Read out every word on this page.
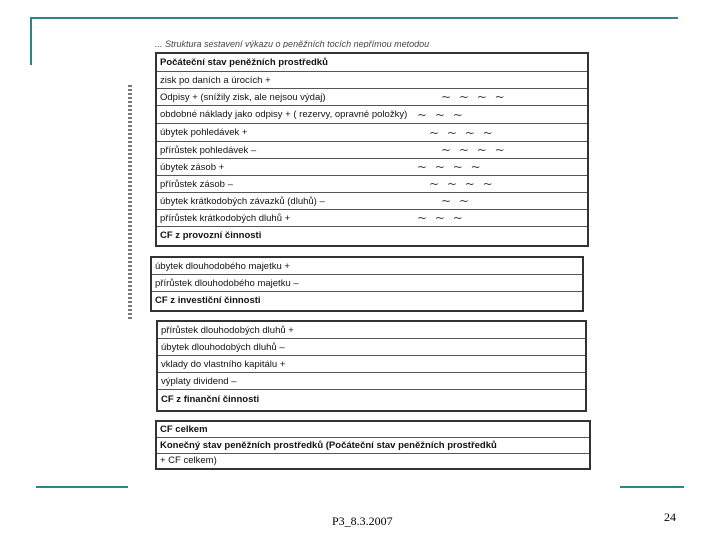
... Struktura sestavení výkazu o peněžních tocích nepřímou metodou
Počáteční stav peněžních prostředků
zisk po daních a úrocích +
Odpisy + (snížily zisk, ale nejsou výdaj)	~ ~ ~ ~
obdobné náklady jako odpisy + ( rezervy, opravné položky) ~ ~ ~
úbytek pohledávek +	~ ~ ~ ~
přírůstek pohledávek –	~ ~ ~ ~
úbytek zásob +	~ ~ ~ ~
přírůstek zásob –	~ ~ ~ ~
úbytek krátkodobých závazků (dluhů) –	~ ~
přírůstek krátkodobých dluhů +	~ ~ ~
CF z provozní činnosti
úbytek dlouhodobého majetku +
přírůstek dlouhodobého majetku –
CF z investiční činnosti
přírůstek dlouhodobých dluhů +
úbytek dlouhodobých dluhů –
vklady do vlastního kapitálu +
výplaty dividend –
CF z finanční činnosti
CF celkem
Konečný stav peněžních prostředků (Počáteční stav peněžních prostředků
+ CF celkem)
P3_8.3.2007	24
